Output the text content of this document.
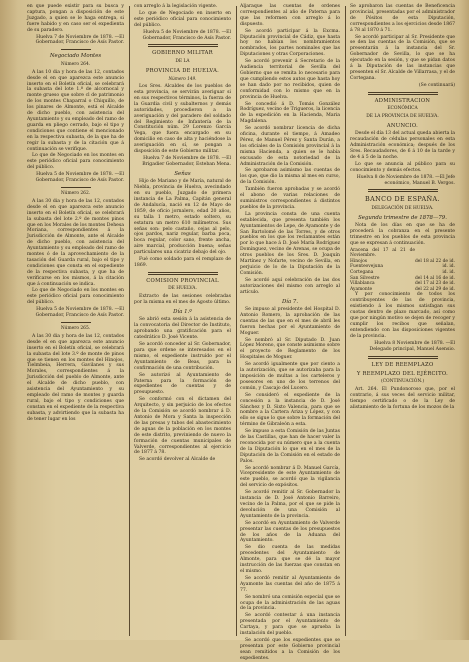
en que puede existir para su busca y captura, pongan a disposición de este Juzgado, a quien se le haga entrega, si fuere habido y en caso ser el expedienta de su paradero.

Huelva 7 de Noviembre de 1878. —El Gobernador, Francisco de Asís Pastor.

Negociado Montes
Número 264.

A las 10 dia y hora de las 12, contados desde el en que aparezca este anuncio inserto en el Boletín oficial, se celebrará la subasta del lote 1.º de alcornocal y monte grueso que sobre cl de patrimonio de los montes Chaparral o Chiquillo, de los pinares de Almonte, está el Alcalde de dicho pueblo, con asistencia del Ayuntamiento y su empleado del ramo de guarda en pliego cerrado, bajo el tipo y condiciones que contiene el mencionado en la respectiva subasta, de la que ha de regir la subasta y de la citación que á continuación se verifique.

Lo que de Negociado en los montes en este periódico oficial para conocimiento del público.

Huelva 5 de Noviembre de 1878. —El Gobernador, Francisco de Asís Pastor.

Número 262.

A las 30 dia y hora de las 12, contados desde el en que aparezca este anuncio inserto en el Boletín oficial, se celebrará la subasta del lote 2.º de montes pinos que en los Morales de los montes Dehesa Moriana, correspondientes á la Jurisdicción de Almonte, ante el Alcalde de dicho pueblo, con asistencia del Ayuntamiento y su empleado del ramo de montes ó de la aprovechamiento de la tasación del Guarda rural, bajo el tipo y condiciones que consta en el expediente de la respectiva subasta, y que ha de verificarse en los mismos, á la citación que á continuación se indica.

Lo que de Negociado en los montes en este periódico oficial para conocimiento del público.

Huelva 5 de Noviembre de 1878. —El Gobernador, Francisco de Asís Pastor.

Número 265.

A las 30 dia y hora de las 12, contados desde el en que aparezca este anuncio inserto en el Boletín oficial, se celebrará la subasta del lote 3.º de monte de pinos que se tienen en los montes del Hinojos, Tielmbeia, Herrera, Gavilanes y sus Morales, correspondientes á la Jurisdicción del pueblo de Almonte, ante el Alcalde de dicho pueblo, con asistencia del Ayuntamiento y su empleado del ramo de montes y guarda rural, bajo el tipo y condiciones que constan en el expediente de la respectiva subasta, y advirtiendo que la subasta ha de tener lugar en los

con arreglo á la legislación vigente.

Lo que de Negociado en inserto en este periódico oficial para conocimiento del público.

Huelva 5 de Noviembre de 1878. —El Gobernador, Francisco de Asís Pastor.

GOBIERNO MILITAR
DE LA
PROVINCIA DE HUELVA.
Número 149.

Los Sres. Alcaldes de los pueblos de esta provincia, se servirán averiguar si en sus respectivos términos, la fuerza de la Guardia civil y subalternos y demás autoridades, procedieron a la averiguación y del paradero del soldado del Regimiento de Infantería de la Constitución núm. 29 Lorenzo García Vega, que fuera encargado en su domicilio en caso de alta y haciéndose la averiguación en sí, se pongan a disposición de este Gobierno militar.

Huelva 7 de Noviembre de 1878. —El Brigadier Gobernador, Esteban Mena.

Señas

Hijo de Mariano y de María, natural de Niebla, provincia de Huelva, avecindado en su pueblo, Juzgado de primera instancia de La Palma, Capitán general de Andalucía, nació en 12 de Mayo de 1859, de oficio jornalero, edad 20 años, su talla 1 metro, estado soltero, su estatura un metro 610 milímetros. Sus señas son: pelo castaño, cejas al pelo, ojos pardos, nariz regular, barba poca, boca regular, color sano, frente ancha, aire marcial, producción buena; señas particulares una cicatriz debajo del ojo.

Fué como soldado para el remplazo de 1869.

COMISION PROVINCIAL
DE HUELVA.

Extracto de las sesiones celebradas por la misma en el mes de Agosto último.

Día 1.º

Se abrió esta sesión á la asistencia de la convocatoria del Director de Instituto, aprobando una gratificación para el catedrático D. José Vicente.

Se acordó conceder al Sr. Gobernador, para que ordene se interesados en el mismo, el expediente instruído por el Ayuntamiento de Beas, para la confirmación de una contribución.

Se autorizó al Ayuntamiento de Paterna para la formación de expedientes de cuentas y de presupuesto.

Se conformó con el dictamen del Arquitecto, y sin perjuicio de los efectos de la Comisión se acordó nombrar á D. Antonio de Mora y Santa la inspección de las presas y tubos del abastecimiento de aguas de la población en los montes de este distrito, previniendo de nuevo la formación de cuentas municipales de Valverde, correspondientes al ejercicio de 1877 á 78.

Se acordó devolver al Alcalde de

Aljaraque las cuentas de ordenes correspondientes al año de Paterna para que las reformen con arreglo á lo dispuesto.

Se acordó participar á la Excma. Diputación provincial de Cádiz, que hasta hoy no habían los nombramientos nombrados, los partes nominales que las Diputaciones y otras Corporaciones.

Se acordó prevenir á Secretario de la Audiencia territorial de Sevilla del Gobierno que se remita lo necesario para que cumpliendo estos autos que hasta hoy se han dado por no recibidos, quien de conformidad con lo mismo que en la provincia de Huelva.

Se concedió á D. Tomás González Rodríguez, vecino de Trigueros, la licencia de la expedición en la Hacienda, Maria Magdalena.

Se acordó nombrar licencia de dicha oficina, durante el tiempo, á Amadeo Pérez, de Manuel Pérez y Santa Durán, a los oficiales de la Comisión provincial á la misma Hacienda, a quien se le había excusado de esta notoriedad de la Administración de la Comisión.

Se aprobaron asimismo las cuentas de los que, que dio la misma al mes en curso, de la Comisión.

También fueron aprobadas y se acordó el abono de varias relaciones de suministros correspondientes á distintos pueblos de la provincia.

La provincia consta de una cuenta establecida, que presenta también los Ayuntamientos de Lepe, de Ayamonte y de San Bartolomé de las Torres, y de otros pueblos en los que los reclamantes están por lo que hace á D. José María Rodríguez Domínguez, vecino de Arenas, se ocupa de otros pueblos de los Sres. D. Joaquín Martínez y Nofarte, vecino de Sevilla, en perjuicio de lo de la Diputación de la Comisión.

Se acordó aquí celebración de las dos autorizaciones del mismo con arreglo al artículo.

Día 7.

Se impuso al presidente del Hospital D. Antonio Romero, la aprobación de las cuentas de las que en el mes de abril les fueron hechas por el Ayuntamiento de Moguer.

Se nombró al Sr. Diputado D. Juan López Moreno, que conste asimismo sobre el proyecto de Reglamento de los Hospitales de Moguer.

Se acordó igualmente que por ciento a la autorización, que se autorizaba para la imposición de multas a los carteleros y posesores en uno de los terrenos del común, y Cascajo del Lucero.

Se consideró el expediente de la concesión a la instancia de D. José Sánchez y D. Sixto Valencia, para que se nombre a la Cartera Ariza y López, y con ello se sigue lo que sobre la formación del término de Gibraleón a esta.

Se impuso a esta Comisión de las Juntas de las Castillas, que han de hacer valer la reconocida por su número que a la cuenta de la Diputación lo que en el mes de la Diputación de la Comisión en el estado de Palos.

Se acordó nombrar á D. Manuel García, Vicepresidente de este Ayuntamiento de este pueblo, se acordó que la vigilancia del servicio de expósitos.

Se acordó remitir al Sr. Gobernador la instancia de D. José Antonio Barreiro, vecino de la Palma, por el que se pide la devolución de una Comisión al Ayuntamiento de la provincia.

Se acordó en Ayuntamiento de Valverde presentar las cuentas de los presupuestos de los años de la Aduana del Ayuntamiento.

Se dio cuenta de las medidas precedentes del Ayuntamiento de Almonte, para que se dé la mayor instrucción de las fuerzas que constan en el mismo.

Se acordó remitir al Ayuntamiento de Ayamonte las cuentas del año de 1875 á 77.

Se nombró una comisión especial que se ocupa de la administración de las aguas de la provincia.

Se acordó contestar á una instancia presentada por el Ayuntamiento de Cartaya, y para que se aprueba la instalación del pueblo.

Se acordó que los expedientes que se presentan por este Gobierno provincial sean remitidos a la Comisión de los expedientes.

Se aprobaron las cuentas de Beneficencia provincial, presentadas por el administrador de Pósitos de esta Diputación, correspondientes a los ejercicios desde 1867 á 78 al 1870 á 71.

Se acordó participar al Sr. Presidente que se den las cuentas de la Comisión, que se presentarán á la instancia del Sr. Gobernador de Sevilla, lo que se ha ejecutado en la sesión, y que se pidan datos á la Diputación de las instancias que presenten el Sr. Alcalde de Villarrasa, y el de Cortegana.

(Se continuará)

ADMINISTRACION
ECONÓMICA
DE LA PROVINCIA DE HUELVA.
ANUNCIO.

Desde el día 13 del actual queda abierta la recaudación de cédulas personales en esta Administración económica; después de los Sres. Recaudadores, de 6 á 10 de la tarde y de 4 á 5 de la noche.

Lo que se anuncia al público para su conocimiento y demás efectos.

Huelva 8 de Noviembre de 1878. —El Jefe económico, Manuel B. Vergos.

BANCO DE ESPAÑA.
DELEGACIÓN DE HUELVA.
Segunda trimestre de 1878—79.

Nota de los días en que se ha de procederá la cobranza en el presente trimestre en los pueblos de esta provincia que se expresan á continuación.

Aracena del 17 al 21 de Noviembre.	
Hinojos	del 18 al 22 de id.
Fuenteovejuna	id. id.
Cortegana	id. id.
San Silvestre	del 14 al 16 de id.
Villablanca	del 17 al 23 de id.
Ayamonte	del 22 al 29 de id.

Y por conocimiento de todos los contribuyentes de las de provincia, existiendo á los mismos satisfagan sus cuotas dentro de plazo marcado, así como que por ningún motivo se dejen de recoger y cumplir los recibos que señalan, entendiendo con las disposiciones vigentes de la provincia.

Huelva 8 Noviembre de 1878. —El Delegado principal, Manuel Asensio.

LEY DE REEMPLAZO
Y REEMPLAZO DEL EJÉRCITO.
(CONTINUACIÓN.)

Art. 264. El Pundonoroso que, por el contrario, á sus veces del servicio militar, tiempo certificado o de la Ley de alistamiento de la fortuna de los mozos de la
